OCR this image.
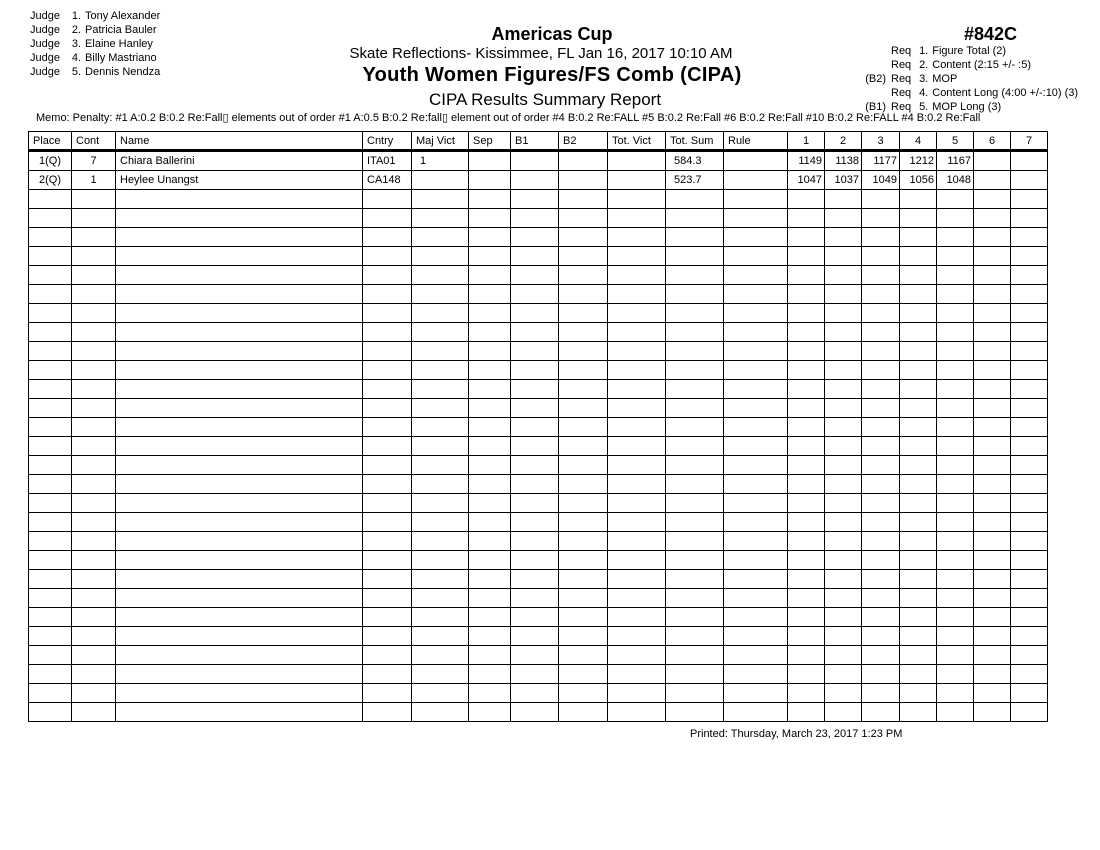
Judge 1. Tony Alexander
Judge 2. Patricia Bauler
Judge 3. Elaine Hanley
Judge 4. Billy Mastriano
Judge 5. Dennis Nendza
Americas Cup
Skate Reflections- Kissimmee, FL Jan 16, 2017 10:10 AM
Youth Women Figures/FS Comb (CIPA)
CIPA Results Summary Report
#842C
Req 1. Figure Total (2)
Req 2. Content (2:15 +/- :5)
(B2) Req 3. MOP
Req 4. Content Long (4:00 +/-:10) (3)
(B1) Req 5. MOP Long (3)
Memo: Penalty: #1 A:0.2 B:0.2 Re:Fall▯ elements out of order #1 A:0.5 B:0.2 Re:fall▯ element out of order #4 B:0.2 Re:FALL #5 B:0.2 Re:Fall #6 B:0.2 Re:Fall #10 B:0.2 Re:FALL #4 B:0.2 Re:Fall
Place	Cont	Name	Cntry	Maj Vict	Sep	B1	B2	Tot. Vict	Tot. Sum	Rule	1	2	3	4	5	6	7
1(Q)	7	Chiara Ballerini	ITA01	1					584.3		1149	1138	1177	1212	1167		
2(Q)	1	Heylee Unangst	CA148						523.7		1047	1037	1049	1056	1048		

Printed: Thursday, March 23, 2017 1:23 PM
